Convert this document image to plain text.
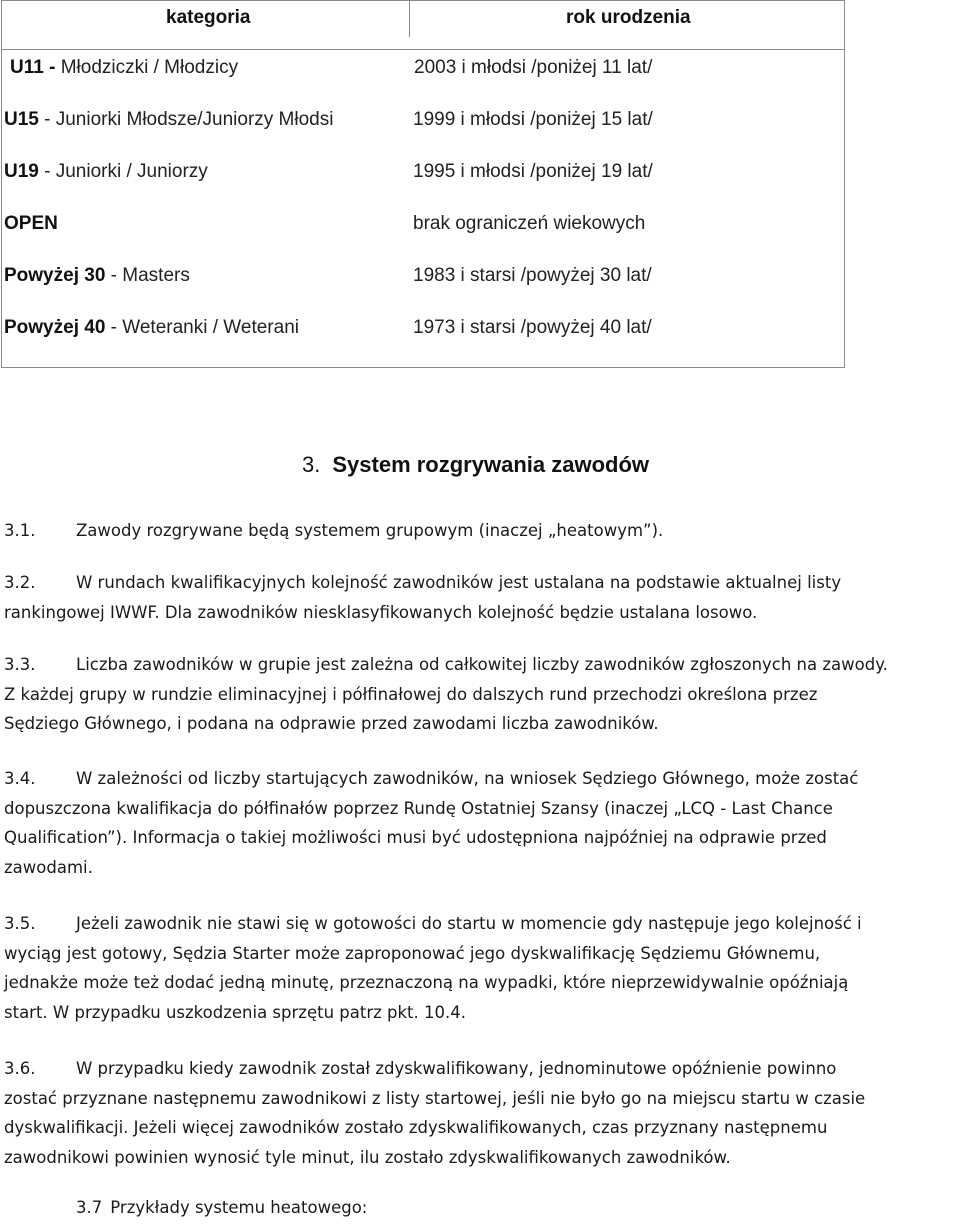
kategoria	rok urodzenia
U11 - Młodziczki / Młodzicy	2003 i młodsi /poniżej 11 lat/
U15 - Juniorki Młodsze/Juniorzy Młodsi	1999 i młodsi /poniżej 15 lat/
U19 - Juniorki / Juniorzy	1995 i młodsi /poniżej 19 lat/
OPEN	brak ograniczeń wiekowych
Powyżej 30 - Masters	1983 i starsi /powyżej 30 lat/
Powyżej 40 - Weteranki / Weterani	1973 i starsi /powyżej 40 lat/
3. System rozgrywania zawodów
3.1. Zawody rozgrywane będą systemem grupowym (inaczej „heatowym”).
3.2. W rundach kwalifikacyjnych kolejność zawodników jest ustalana na podstawie aktualnej listy
rankingowej IWWF. Dla zawodników niesklasyfikowanych kolejność będzie ustalana losowo.
3.3. Liczba zawodników w grupie jest zależna od całkowitej liczby zawodników zgłoszonych na zawody.
Z każdej grupy w rundzie eliminacyjnej i półfinałowej do dalszych rund przechodzi określona przez
Sędziego Głównego, i podana na odprawie przed zawodami liczba zawodników.
3.4. W zależności od liczby startujących zawodników, na wniosek Sędziego Głównego, może zostać
dopuszczona kwalifikacja do półfinałów poprzez Rundę Ostatniej Szansy (inaczej „LCQ - Last Chance
Qualification”). Informacja o takiej możliwości musi być udostępniona najpóźniej na odprawie przed
zawodami.
3.5. Jeżeli zawodnik nie stawi się w gotowości do startu w momencie gdy następuje jego kolejność i
wyciąg jest gotowy, Sędzia Starter może zaproponować jego dyskwalifikację Sędziemu Głównemu,
jednakże może też dodać jedną minutę, przeznaczoną na wypadki, które nieprzewidywalnie opóźniają
start. W przypadku uszkodzenia sprzętu patrz pkt. 10.4.
3.6. W przypadku kiedy zawodnik został zdyskwalifikowany, jednominutowe opóźnienie powinno
zostać przyznane następnemu zawodnikowi z listy startowej, jeśli nie było go na miejscu startu w czasie
dyskwalifikacji. Jeżeli więcej zawodników zostało zdyskwalifikowanych, czas przyznany następnemu
zawodnikowi powinien wynosić tyle minut, ilu zostało zdyskwalifikowanych zawodników.
3.7 Przykłady systemu heatowego:
